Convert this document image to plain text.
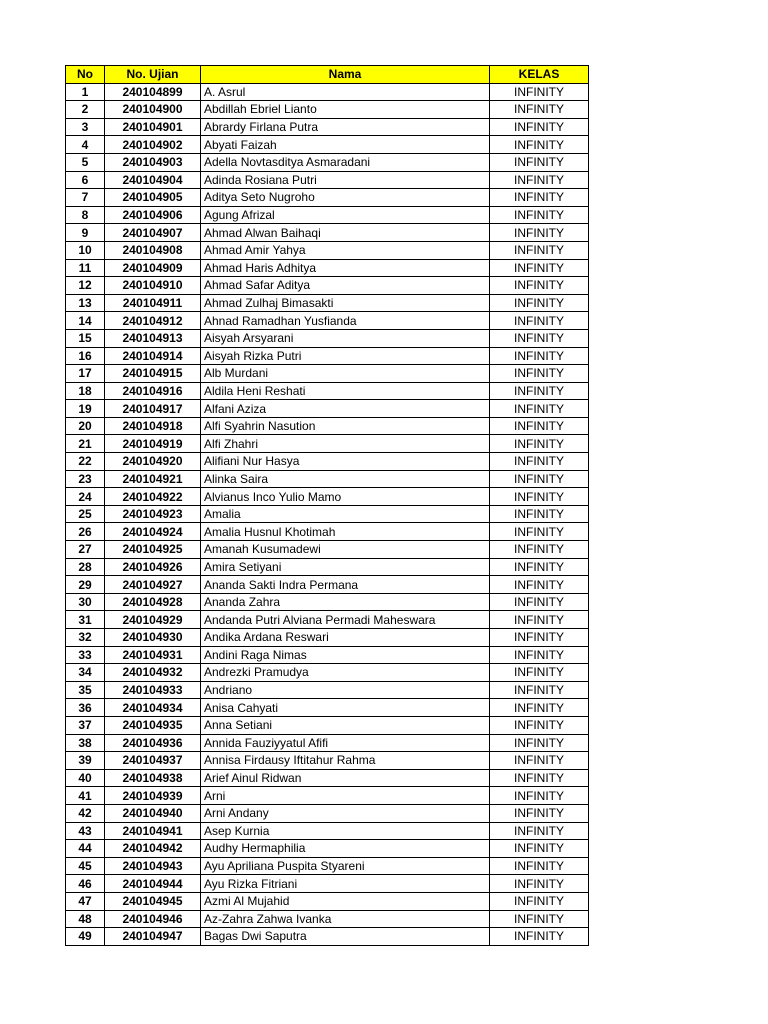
No	No. Ujian	Nama	KELAS
1	240104899	A. Asrul	INFINITY
2	240104900	Abdillah Ebriel Lianto	INFINITY
3	240104901	Abrardy Firlana Putra	INFINITY
4	240104902	Abyati Faizah	INFINITY
5	240104903	Adella Novtasditya Asmaradani	INFINITY
6	240104904	Adinda Rosiana Putri	INFINITY
7	240104905	Aditya Seto Nugroho	INFINITY
8	240104906	Agung Afrizal	INFINITY
9	240104907	Ahmad Alwan Baihaqi	INFINITY
10	240104908	Ahmad Amir Yahya	INFINITY
11	240104909	Ahmad Haris Adhitya	INFINITY
12	240104910	Ahmad Safar Aditya	INFINITY
13	240104911	Ahmad Zulhaj Bimasakti	INFINITY
14	240104912	Ahnad Ramadhan Yusfianda	INFINITY
15	240104913	Aisyah Arsyarani	INFINITY
16	240104914	Aisyah Rizka Putri	INFINITY
17	240104915	Alb Murdani	INFINITY
18	240104916	Aldila Heni Reshati	INFINITY
19	240104917	Alfani Aziza	INFINITY
20	240104918	Alfi Syahrin Nasution	INFINITY
21	240104919	Alfi Zhahri	INFINITY
22	240104920	Alifiani Nur Hasya	INFINITY
23	240104921	Alinka Saira	INFINITY
24	240104922	Alvianus Inco Yulio Mamo	INFINITY
25	240104923	Amalia	INFINITY
26	240104924	Amalia Husnul Khotimah	INFINITY
27	240104925	Amanah Kusumadewi	INFINITY
28	240104926	Amira Setiyani	INFINITY
29	240104927	Ananda Sakti Indra Permana	INFINITY
30	240104928	Ananda Zahra	INFINITY
31	240104929	Andanda Putri Alviana Permadi Maheswara	INFINITY
32	240104930	Andika Ardana Reswari	INFINITY
33	240104931	Andini Raga Nimas	INFINITY
34	240104932	Andrezki Pramudya	INFINITY
35	240104933	Andriano	INFINITY
36	240104934	Anisa Cahyati	INFINITY
37	240104935	Anna Setiani	INFINITY
38	240104936	Annida Fauziyyatul Afifi	INFINITY
39	240104937	Annisa Firdausy Iftitahur Rahma	INFINITY
40	240104938	Arief Ainul Ridwan	INFINITY
41	240104939	Arni	INFINITY
42	240104940	Arni Andany	INFINITY
43	240104941	Asep Kurnia	INFINITY
44	240104942	Audhy Hermaphilia	INFINITY
45	240104943	Ayu Apriliana Puspita Styareni	INFINITY
46	240104944	Ayu Rizka Fitriani	INFINITY
47	240104945	Azmi Al Mujahid	INFINITY
48	240104946	Az-Zahra Zahwa Ivanka	INFINITY
49	240104947	Bagas Dwi Saputra	INFINITY
